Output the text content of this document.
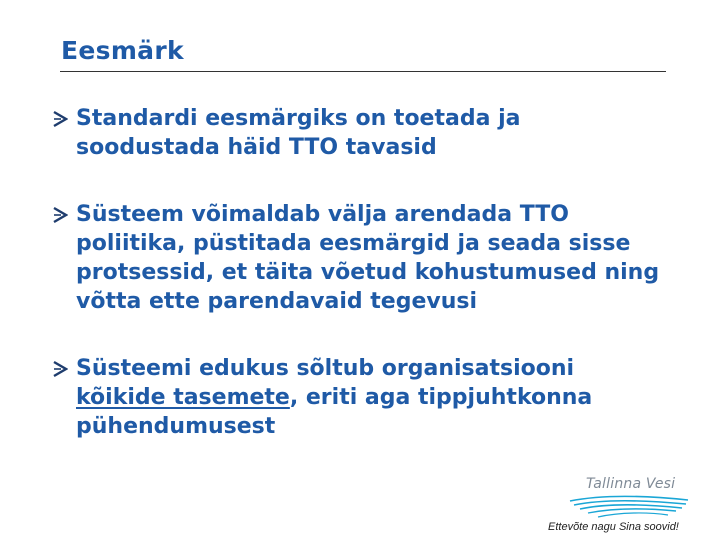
Eesmärk
Standardi eesmärgiks on toetada ja
soodustada häid TTO tavasid
Süsteem võimaldab välja arendada TTO
poliitika, püstitada eesmärgid ja seada sisse
protsessid, et täita võetud kohustumused ning
võtta ette parendavaid tegevusi
Süsteemi edukus sõltub organisatsiooni
kõikide tasemete, eriti aga tippjuhtkonna
pühendumusest
Tallinna Vesi
Ettevõte nagu Sina soovid!
